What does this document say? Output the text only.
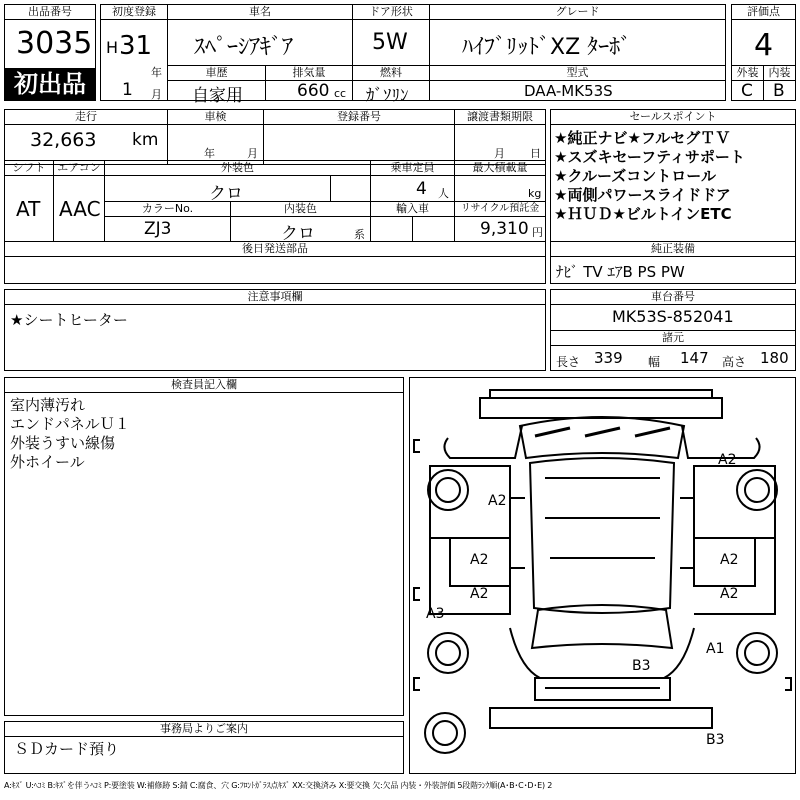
出品番号
3035
初出品
初度登録
H 31
年
1 月
車名
ｽﾍﾟｰｼｱｷﾞｱ
ドア形状
5W
グレード
ﾊｲﾌﾞﾘｯﾄﾞXZ ﾀｰﾎﾞ
評価点
4
車歴
自家用
排気量
660 cc
燃料
ｶﾞｿﾘﾝ
型式
DAA-MK53S
外装 内装
C B
走行
32,663 km
車検
年	月
登録番号	譲渡書類期限
月 日
シフト
AT
エアコン
AAC
外装色
クロ
乗車定員
4 人
最大積載量
kg
カラーNo.
ZJ3
内装色
クロ	系
輸入車	リサイクル預託金
9,310 円
後日発送部品
セールスポイント
★純正ナビ★フルセグＴＶ
★スズキセーフティサポート
★クルーズコントロール
★両側パワースライドドア
★ＨＵＤ★ビルトインETC
純正装備
ﾅﾋﾞ TV ｴｱB PS PW
注意事項欄
★シートヒーター
車台番号
MK53S-852041
諸元
長さ 339 幅 147 高さ 180
検査員記入欄
室内薄汚れ
エンドパネルＵ１
外装うすい線傷
外ホイール
事務局よりご案内
ＳＤカード預り
A2
A2
A2	A2
A2	A2
A3
A1
B3
B3
A:ｷｽﾞ U:ﾍｺﾐ B:ｷｽﾞを伴うﾍｺﾐ P:要塗装 W:補修跡 S:錆 C:腐食、穴 G:ﾌﾛﾝﾄｶﾞﾗｽ点ｷｽﾞ XX:交換済み X:要交換 欠:欠品 内装・外装評価 5段階ﾗﾝｸ順(A･B･C･D･E) 2
